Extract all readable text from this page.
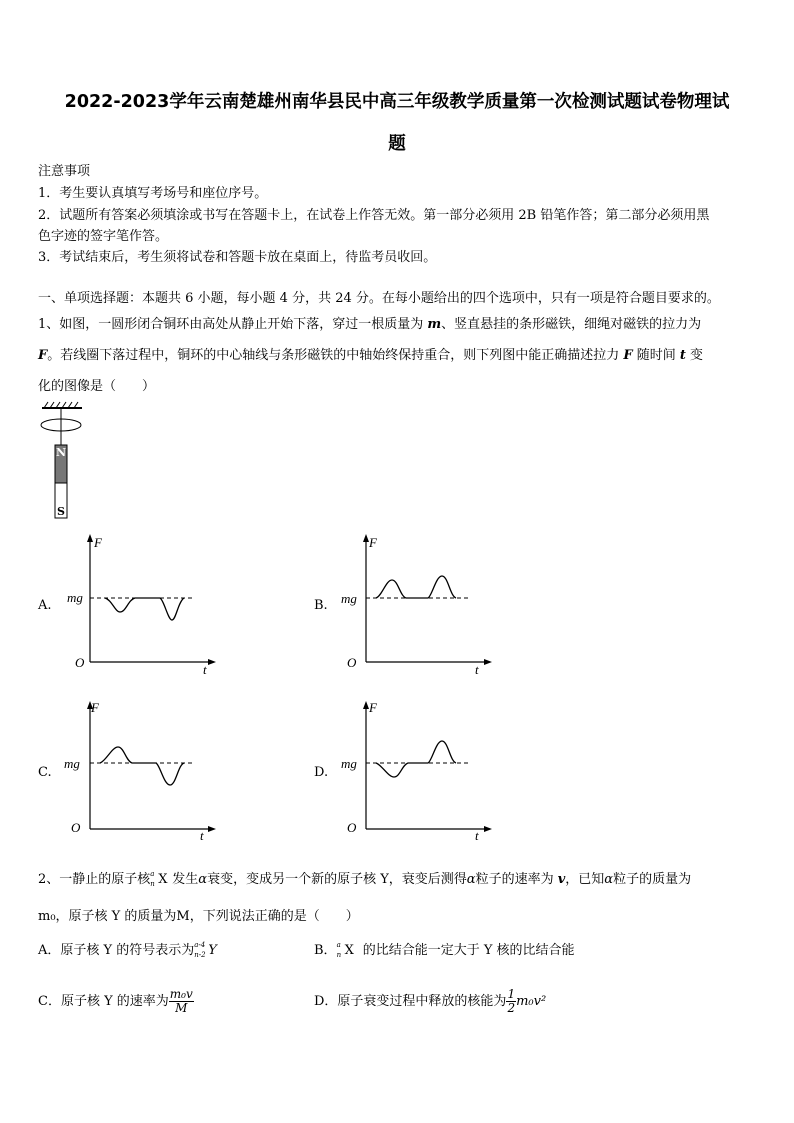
2022-2023学年云南楚雄州南华县民中高三年级教学质量第一次检测试题试卷物理试
题
注意事项
1．考生要认真填写考场号和座位序号。
2．试题所有答案必须填涂或书写在答题卡上，在试卷上作答无效。第一部分必须用 2B 铅笔作答；第二部分必须用黑
色字迹的签字笔作答。
3．考试结束后，考生须将试卷和答题卡放在桌面上，待监考员收回。
一、单项选择题：本题共 6 小题，每小题 4 分，共 24 分。在每小题给出的四个选项中，只有一项是符合题目要求的。
1、如图，一圆形闭合铜环由高处从静止开始下落，穿过一根质量为 m、竖直悬挂的条形磁铁，细绳对磁铁的拉力为
F。若线圈下落过程中，铜环的中心轴线与条形磁铁的中轴始终保持重合，则下列图中能正确描述拉力 F 随时间 t 变
化的图像是（　　）
N
S
A.
F
mg
O	t
B.
F
mg
O	t
C.
F
mg
O
t
D.
F
mg
O
t
2、一静止的原子核 a
n X 发生α衰变，变成另一个新的原子核 Y，衰变后测得α粒子的速率为 v，已知α粒子的质量为
m₀，原子核 Y 的质量为M，下列说法正确的是（　　）
A．原子核 Y 的符号表示为 a-4
n-2 Y	B． a
n X 的比结合能一定大于 Y 核的比结合能
C．原子核 Y 的速率为 $\frac{\text{m₀v}}{M}$	D．原子衰变过程中释放的核能为 $\frac{1}{2} m_0v^2$
